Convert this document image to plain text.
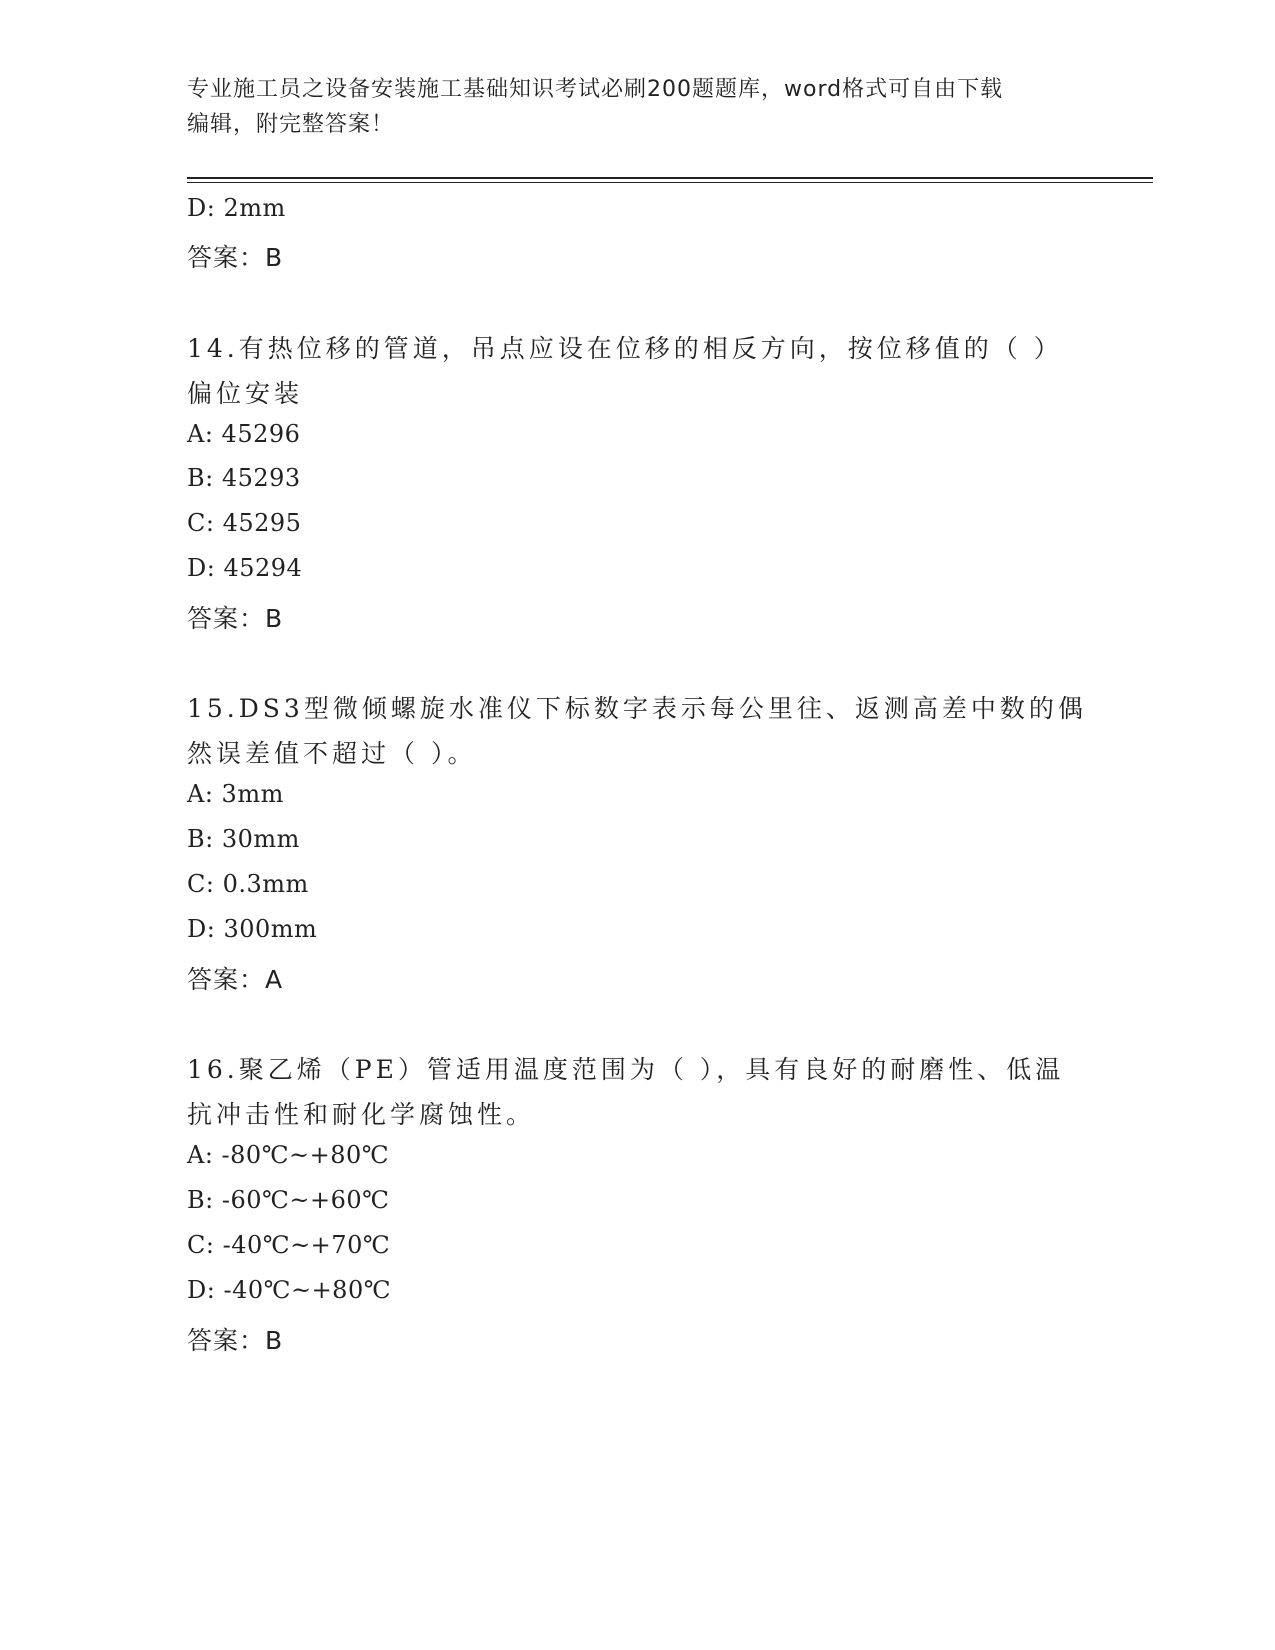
专业施工员之设备安装施工基础知识考试必刷200题题库，word格式可自由下载
编辑，附完整答案！
D: 2mm
答案：B
14.有热位移的管道，吊点应设在位移的相反方向，按位移值的（ ）
偏位安装
A: 45296
B: 45293
C: 45295
D: 45294
答案：B
15.DS3型微倾螺旋水准仪下标数字表示每公里往、返测高差中数的偶
然误差值不超过（ ）。
A: 3mm
B: 30mm
C: 0.3mm
D: 300mm
答案：A
16.聚乙烯（PE）管适用温度范围为（ ），具有良好的耐磨性、低温
抗冲击性和耐化学腐蚀性。
A: -80℃~+80℃
B: -60℃~+60℃
C: -40℃~+70℃
D: -40℃~+80℃
答案：B
